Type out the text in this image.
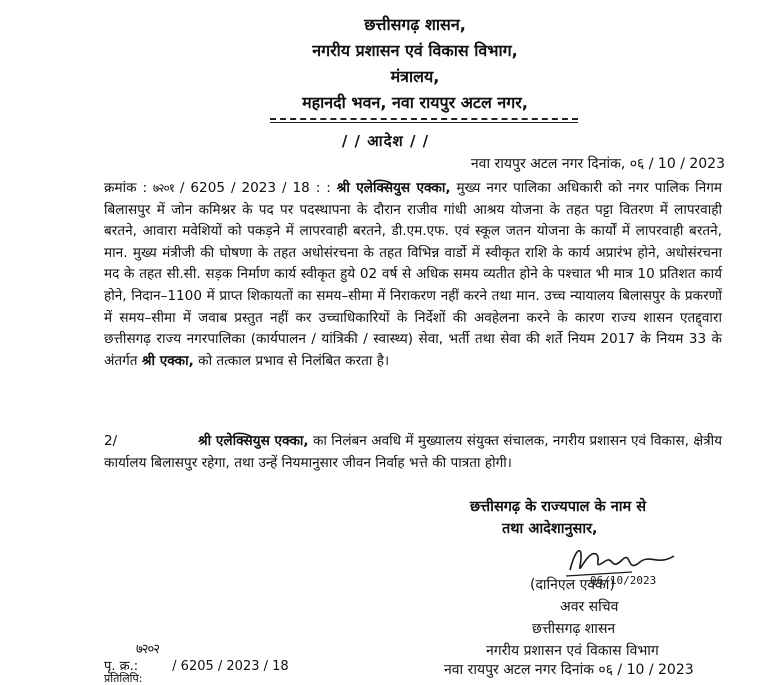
छत्तीसगढ़ शासन,
नगरीय प्रशासन एवं विकास विभाग,
मंत्रालय,
महानदी भवन, नवा रायपुर अटल नगर,
/ / आदेश / /
नवा रायपुर अटल नगर दिनांक, ०६ / 10 / 2023
क्रमांक : ७२०१ / 6205 / 2023 / 18 : : श्री एलेक्सियुस एक्का, मुख्य नगर पालिका अधिकारी को नगर पालिक निगम बिलासपुर में जोन कमिश्नर के पद पर पदस्थापना के दौरान राजीव गांधी आश्रय योजना के तहत पट्टा वितरण में लापरवाही बरतने, आवारा मवेशियों को पकड़ने में लापरवाही बरतने, डी.एम.एफ. एवं स्कूल जतन योजना के कार्यों में लापरवाही बरतने, मान. मुख्य मंत्रीजी की घोषणा के तहत अधोसंरचना के तहत विभिन्न वार्डो में स्वीकृत राशि के कार्य अप्रारंभ होने, अधोसंरचना मद के तहत सी.सी. सड़क निर्माण कार्य स्वीकृत हुये 02 वर्ष से अधिक समय व्यतीत होने के पश्चात भी मात्र 10 प्रतिशत कार्य होने, निदान–1100 में प्राप्त शिकायतों का समय–सीमा में निराकरण नहीं करने तथा मान. उच्च न्यायालय बिलासपुर के प्रकरणों में समय–सीमा में जवाब प्रस्तुत नहीं कर उच्चाधिकारियों के निर्देशों की अवहेलना करने के कारण राज्य शासन एतद्द्वारा छत्तीसगढ़ राज्य नगरपालिका (कार्यपालन / यांत्रिकी / स्वास्थ्य) सेवा, भर्ती तथा सेवा की शर्ते नियम 2017 के नियम 33 के अंतर्गत श्री एक्का, को तत्काल प्रभाव से निलंबित करता है।
2/	श्री एलेक्सियुस एक्का, का निलंबन अवधि में मुख्यालय संयुक्त संचालक, नगरीय प्रशासन एवं विकास, क्षेत्रीय कार्यालय बिलासपुर रहेगा, तथा उन्हें नियमानुसार जीवन निर्वाह भत्ते की पात्रता होगी।
छत्तीसगढ़ के राज्यपाल के नाम से
तथा आदेशानुसार,
06/10/2023
(दानिएल एक्का)
अवर सचिव
छत्तीसगढ़ शासन
नगरीय प्रशासन एवं विकास विभाग
नवा रायपुर अटल नगर दिनांक ०६ / 10 / 2023
७२०२
पृ. क्र.:	/ 6205 / 2023 / 18
प्रतिलिपि:
